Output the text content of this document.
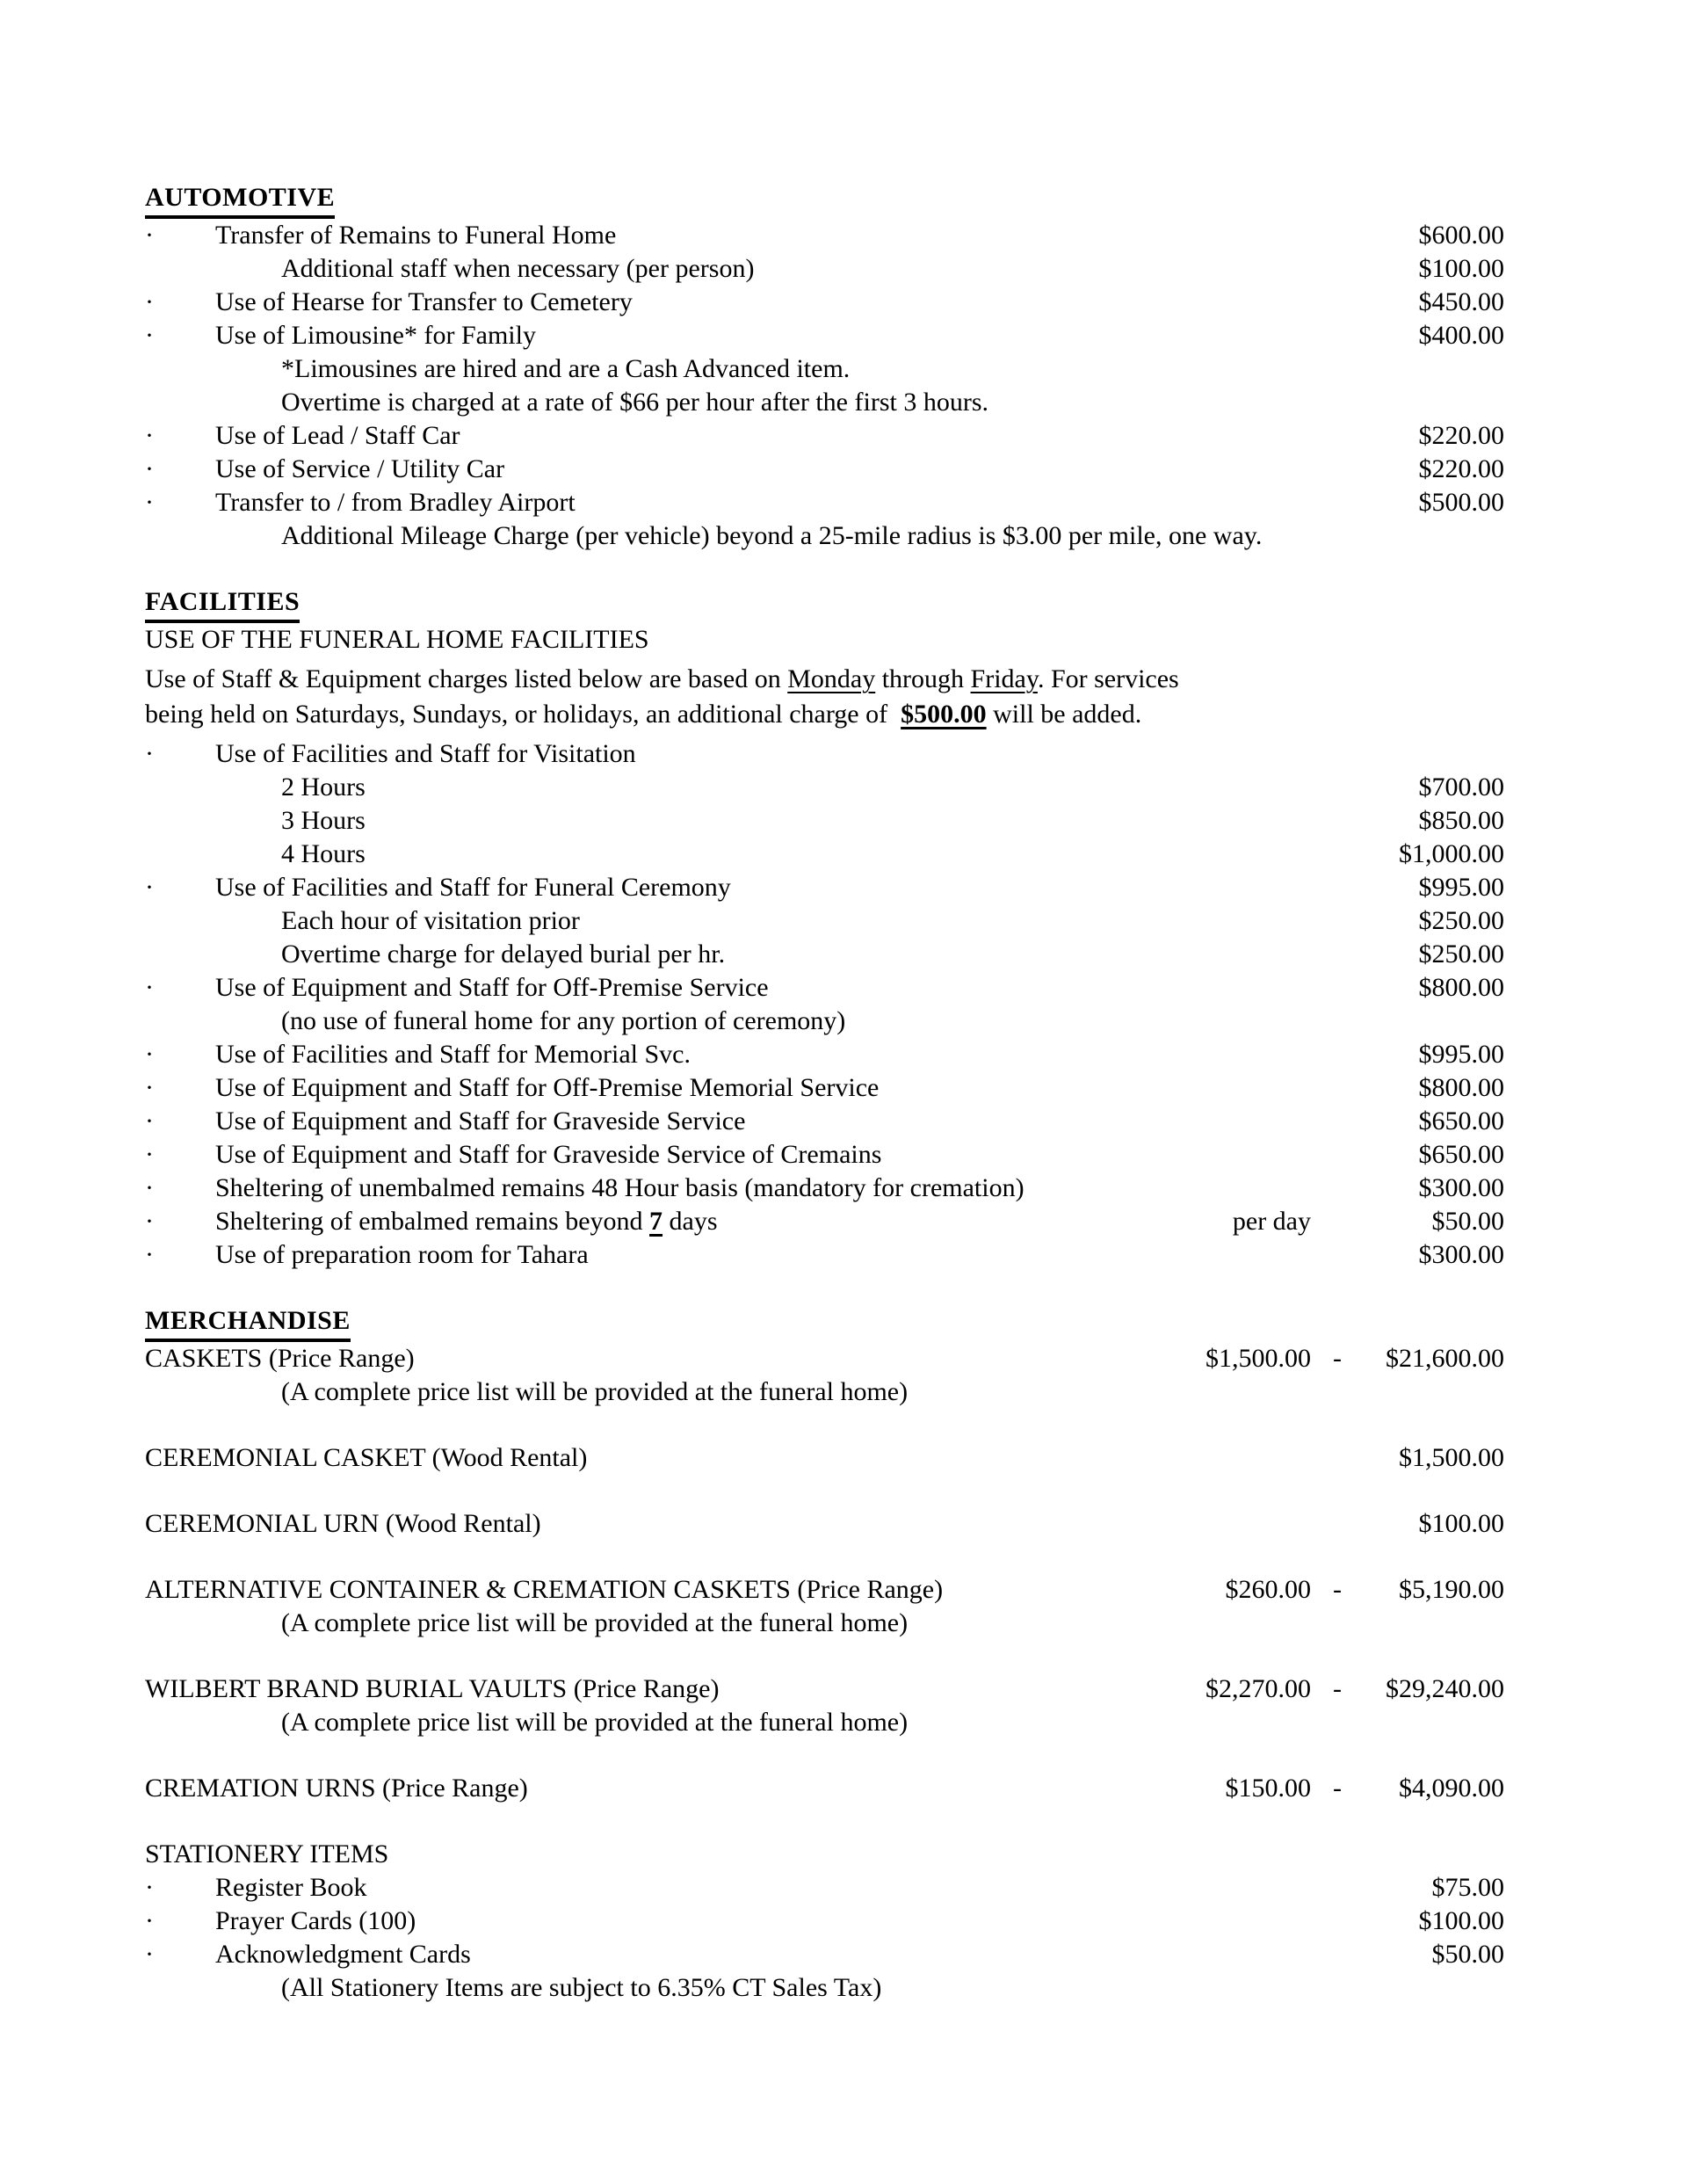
AUTOMOTIVE
·	Transfer of Remains to Funeral Home	$600.00
Additional staff when necessary (per person)	$100.00
·	Use of Hearse for Transfer to Cemetery	$450.00
·	Use of Limousine* for Family	$400.00
*Limousines are hired and are a Cash Advanced item.
Overtime is charged at a rate of $66 per hour after the first 3 hours.
·	Use of Lead / Staff Car	$220.00
·	Use of Service / Utility Car	$220.00
·	Transfer to / from Bradley Airport	$500.00
Additional Mileage Charge (per vehicle) beyond a 25-mile radius is $3.00 per mile, one way.
FACILITIES
USE OF THE FUNERAL HOME FACILITIES
Use of Staff & Equipment charges listed below are based on Monday through Friday. For services
being held on Saturdays, Sundays, or holidays, an additional charge of  $500.00 will be added.
·	Use of Facilities and Staff for Visitation
2 Hours	$700.00
3 Hours	$850.00
4 Hours	$1,000.00
·	Use of Facilities and Staff for Funeral Ceremony	$995.00
Each hour of visitation prior	$250.00
Overtime charge for delayed burial per hr.	$250.00
·	Use of Equipment and Staff for Off-Premise Service	$800.00
(no use of funeral home for any portion of ceremony)
·	Use of Facilities and Staff for Memorial Svc.	$995.00
·	Use of Equipment and Staff for Off-Premise Memorial Service	$800.00
·	Use of Equipment and Staff for Graveside Service	$650.00
·	Use of Equipment and Staff for Graveside Service of Cremains	$650.00
·	Sheltering of unembalmed remains 48 Hour basis (mandatory for cremation)	$300.00
·	Sheltering of embalmed remains beyond 7 days	per day	$50.00
·	Use of preparation room for Tahara	$300.00
MERCHANDISE
CASKETS (Price Range)	$1,500.00 -	$21,600.00
(A complete price list will be provided at the funeral home)
CEREMONIAL CASKET (Wood Rental)	$1,500.00
CEREMONIAL URN (Wood Rental)	$100.00
ALTERNATIVE CONTAINER & CREMATION CASKETS (Price Range)	$260.00 -	$5,190.00
(A complete price list will be provided at the funeral home)
WILBERT BRAND BURIAL VAULTS (Price Range)	$2,270.00 -	$29,240.00
(A complete price list will be provided at the funeral home)
CREMATION URNS (Price Range)	$150.00 -	$4,090.00
STATIONERY ITEMS
·	Register Book	$75.00
·	Prayer Cards (100)	$100.00
·	Acknowledgment Cards	$50.00
(All Stationery Items are subject to 6.35% CT Sales Tax)
